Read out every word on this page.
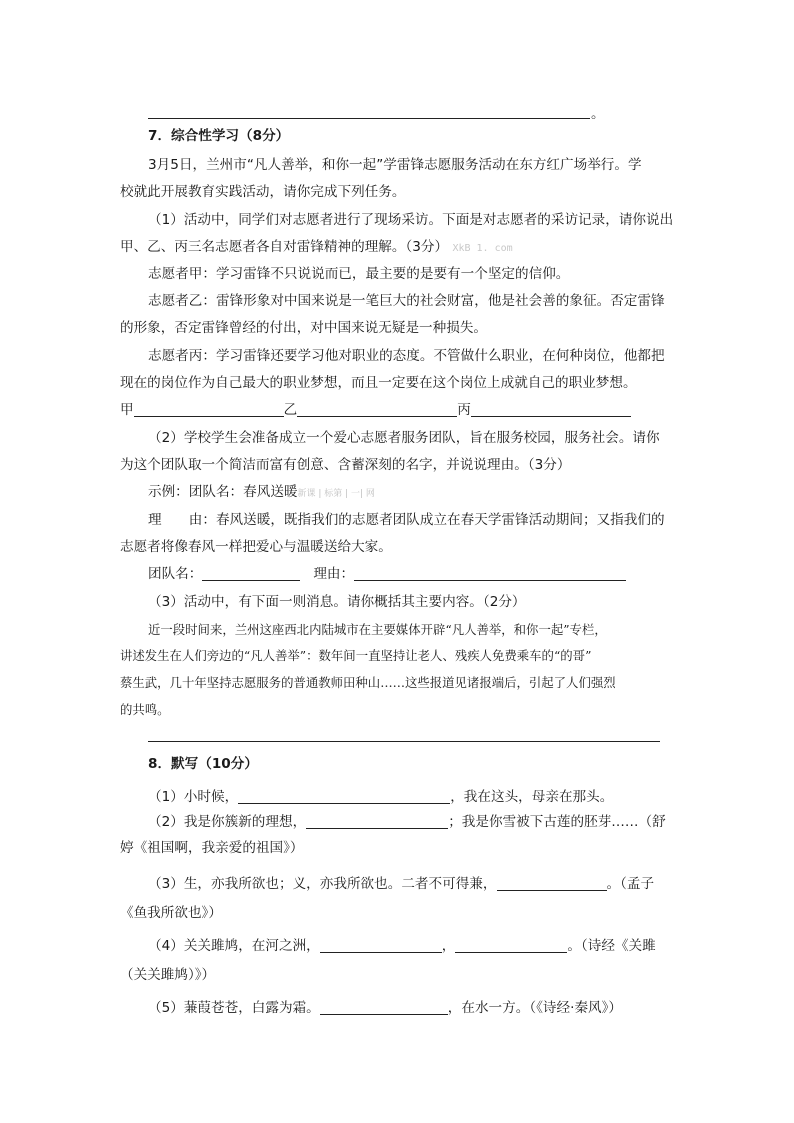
。
7．综合性学习（8分）
3月5日，兰州市“凡人善举，和你一起”学雷锋志愿服务活动在东方红广场举行。学
校就此开展教育实践活动，请你完成下列任务。
（1）活动中，同学们对志愿者进行了现场采访。下面是对志愿者的采访记录，请你说出
甲、乙、丙三名志愿者各自对雷锋精神的理解。（3分） XkB 1. com
志愿者甲：学习雷锋不只说说而已，最主要的是要有一个坚定的信仰。
志愿者乙：雷锋形象对中国来说是一笔巨大的社会财富，他是社会善的象征。否定雷锋
的形象，否定雷锋曾经的付出，对中国来说无疑是一种损失。
志愿者丙：学习雷锋还要学习他对职业的态度。不管做什么职业，在何种岗位，他都把
现在的岗位作为自己最大的职业梦想，而且一定要在这个岗位上成就自己的职业梦想。
甲	乙	丙
（2）学校学生会准备成立一个爱心志愿者服务团队，旨在服务校园，服务社会。请你
为这个团队取一个简洁而富有创意、含蓄深刻的名字，并说说理由。（3分）
示例：团队名：春风送暖新课 | 标第 | 一| 网
理　　由：春风送暖，既指我们的志愿者团队成立在春天学雷锋活动期间；又指我们的
志愿者将像春风一样把爱心与温暖送给大家。
团队名：	理由：
（3）活动中，有下面一则消息。请你概括其主要内容。（2分）
近一段时间来，兰州这座西北内陆城市在主要媒体开辟“凡人善举，和你一起”专栏，
讲述发生在人们旁边的“凡人善举”：数年间一直坚持让老人、残疾人免费乘车的“的哥”
蔡生武，几十年坚持志愿服务的普通教师田种山……这些报道见诸报端后，引起了人们强烈
的共鸣。
8．默写（10分）
（1）小时候，	，我在这头，母亲在那头。
（2）我是你簇新的理想，	；我是你雪被下古莲的胚芽……（舒
婷《祖国啊，我亲爱的祖国》）
（3）生，亦我所欲也；义，亦我所欲也。二者不可得兼，	。（孟子
《鱼我所欲也》）
（4）关关雎鸠，在河之洲，	，	。（诗经《关雎
（关关雎鸠）》）
（5）蒹葭苍苍，白露为霜。	，在水一方。（《诗经·秦风》）
